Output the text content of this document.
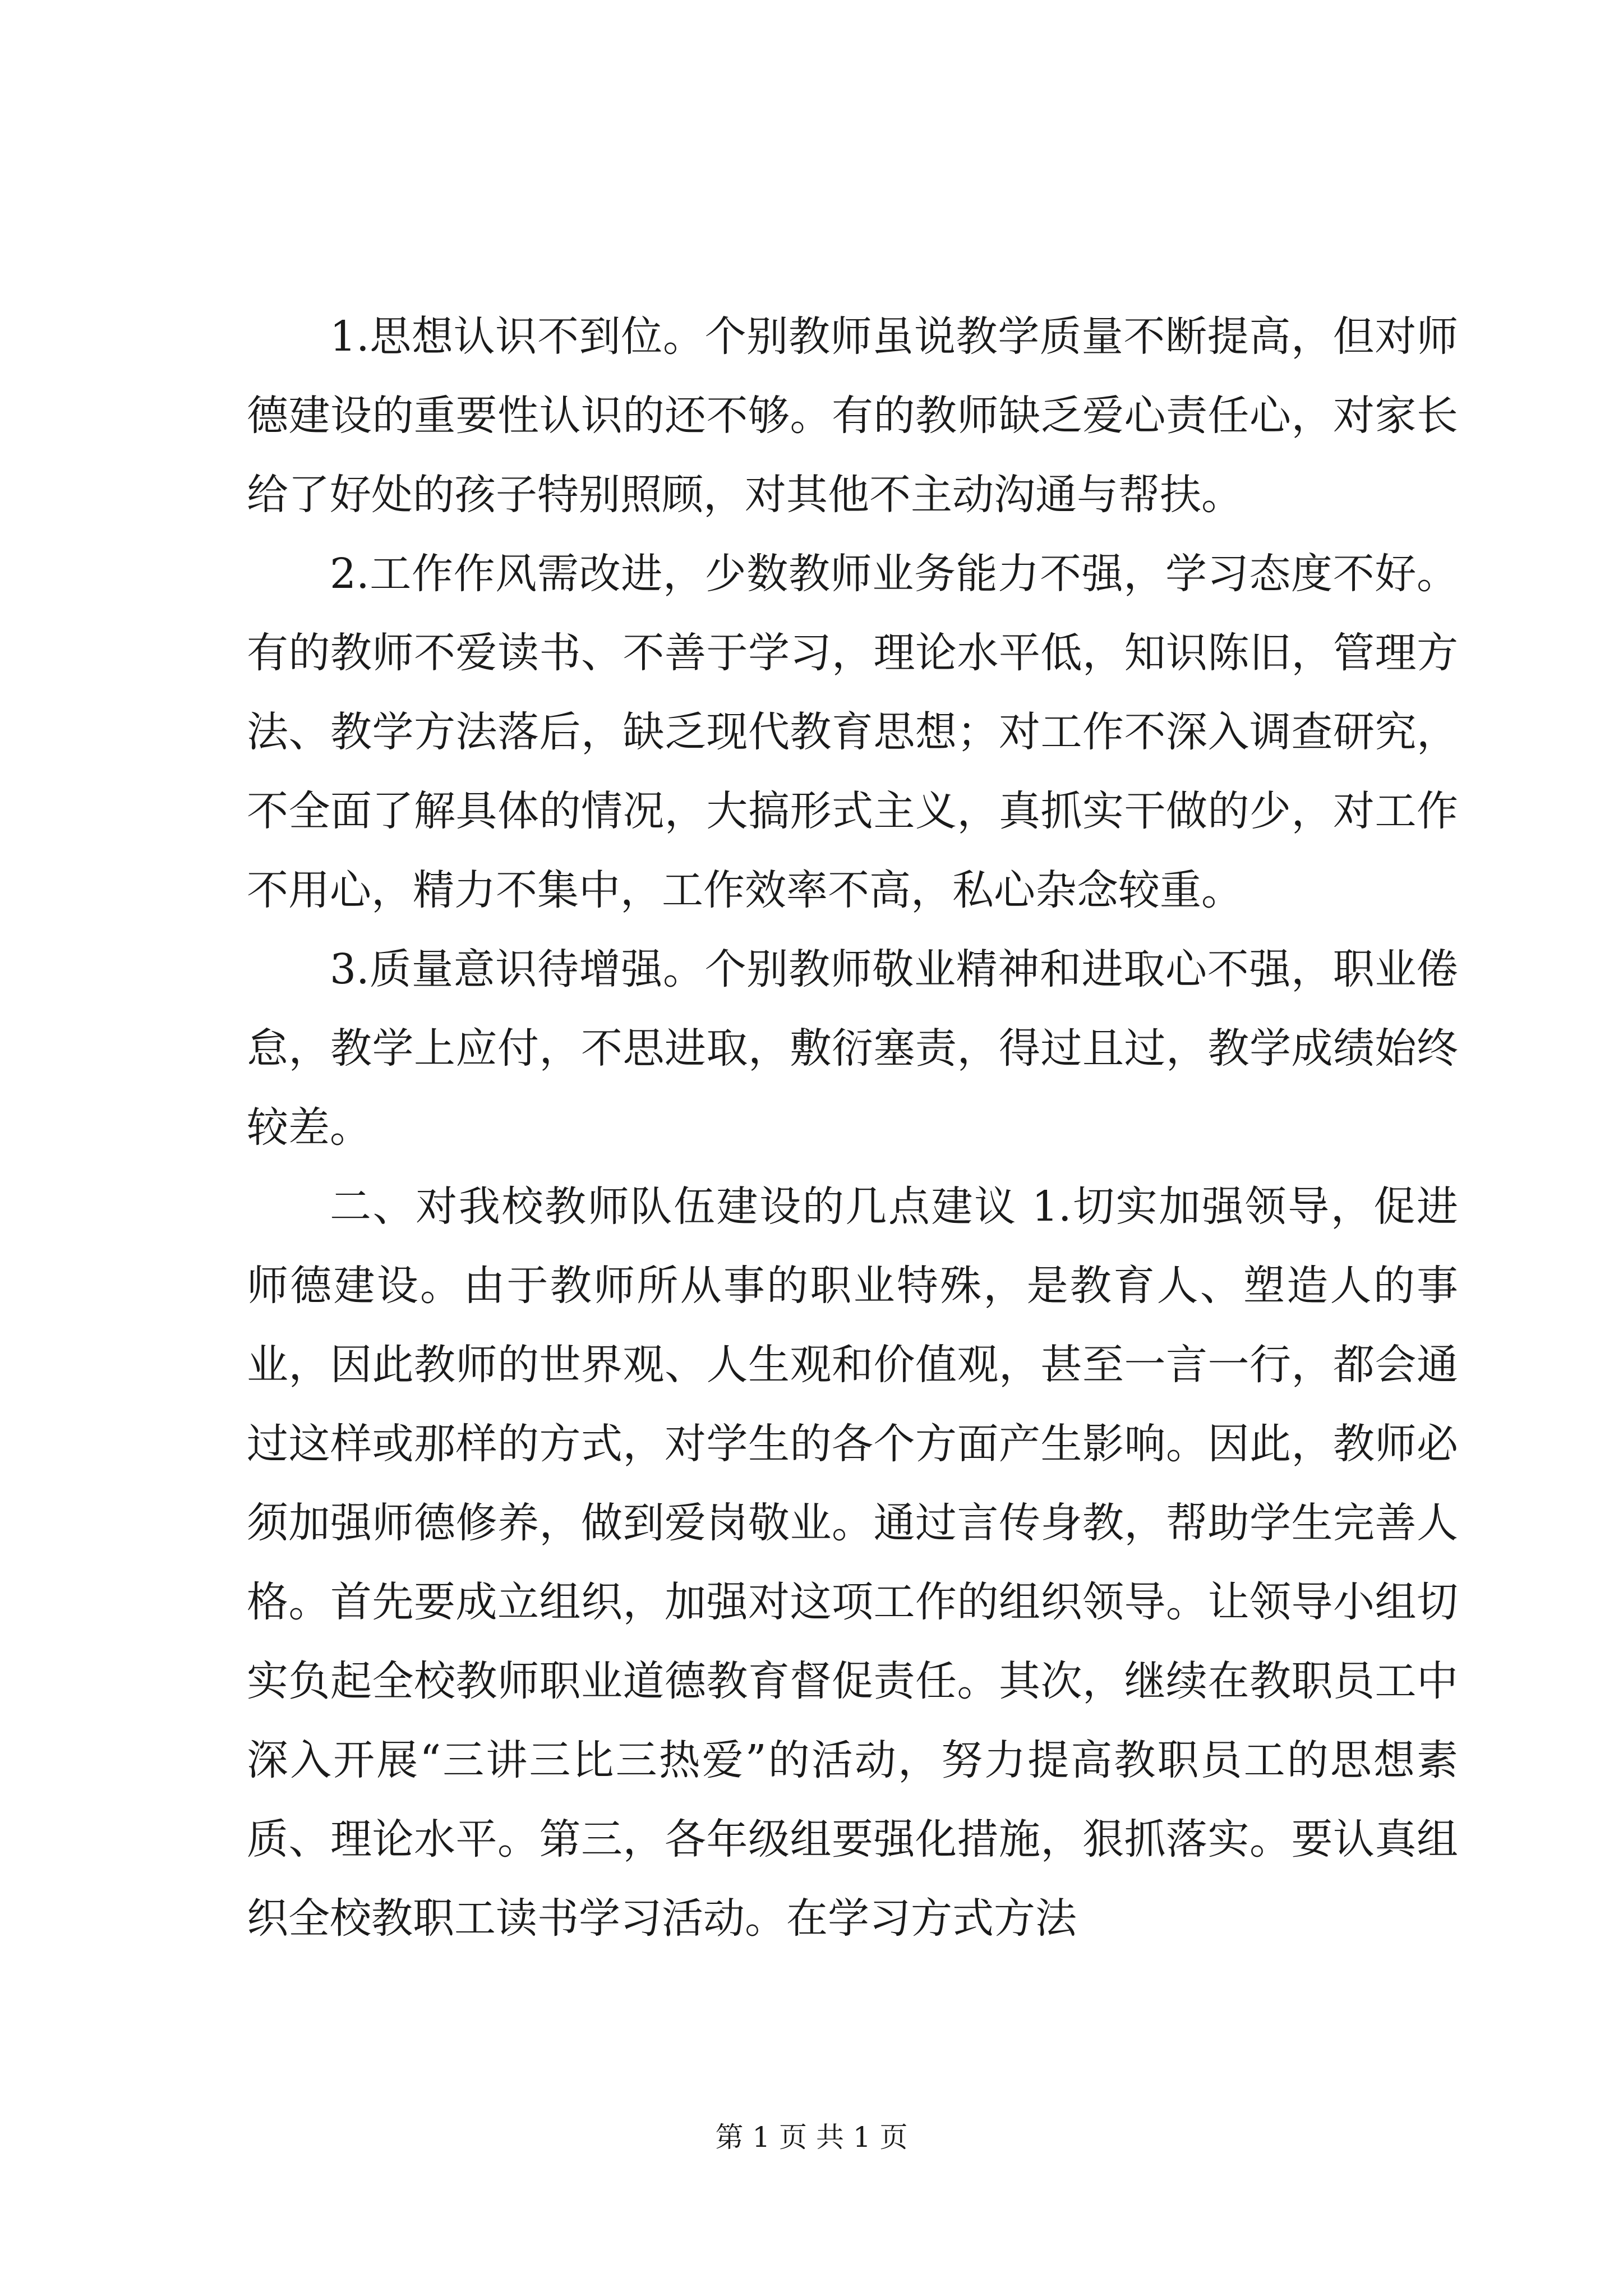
1.思想认识不到位。个别教师虽说教学质量不断提高，但对师德建设的重要性认识的还不够。有的教师缺乏爱心责任心，对家长给了好处的孩子特别照顾，对其他不主动沟通与帮扶。

2.工作作风需改进，少数教师业务能力不强，学习态度不好。有的教师不爱读书、不善于学习，理论水平低，知识陈旧，管理方法、教学方法落后，缺乏现代教育思想；对工作不深入调查研究，不全面了解具体的情况，大搞形式主义，真抓实干做的少，对工作不用心，精力不集中，工作效率不高，私心杂念较重。

3.质量意识待增强。个别教师敬业精神和进取心不强，职业倦怠，教学上应付，不思进取，敷衍塞责，得过且过，教学成绩始终较差。

二、对我校教师队伍建设的几点建议 1.切实加强领导，促进师德建设。由于教师所从事的职业特殊，是教育人、塑造人的事业，因此教师的世界观、人生观和价值观，甚至一言一行，都会通过这样或那样的方式，对学生的各个方面产生影响。因此，教师必须加强师德修养，做到爱岗敬业。通过言传身教，帮助学生完善人格。首先要成立组织，加强对这项工作的组织领导。让领导小组切实负起全校教师职业道德教育督促责任。其次，继续在教职员工中深入开展“三讲三比三热爱”的活动，努力提高教职员工的思想素质、理论水平。第三，各年级组要强化措施，狠抓落实。要认真组织全校教职工读书学习活动。在学习方式方法

第 1 页 共 1 页
